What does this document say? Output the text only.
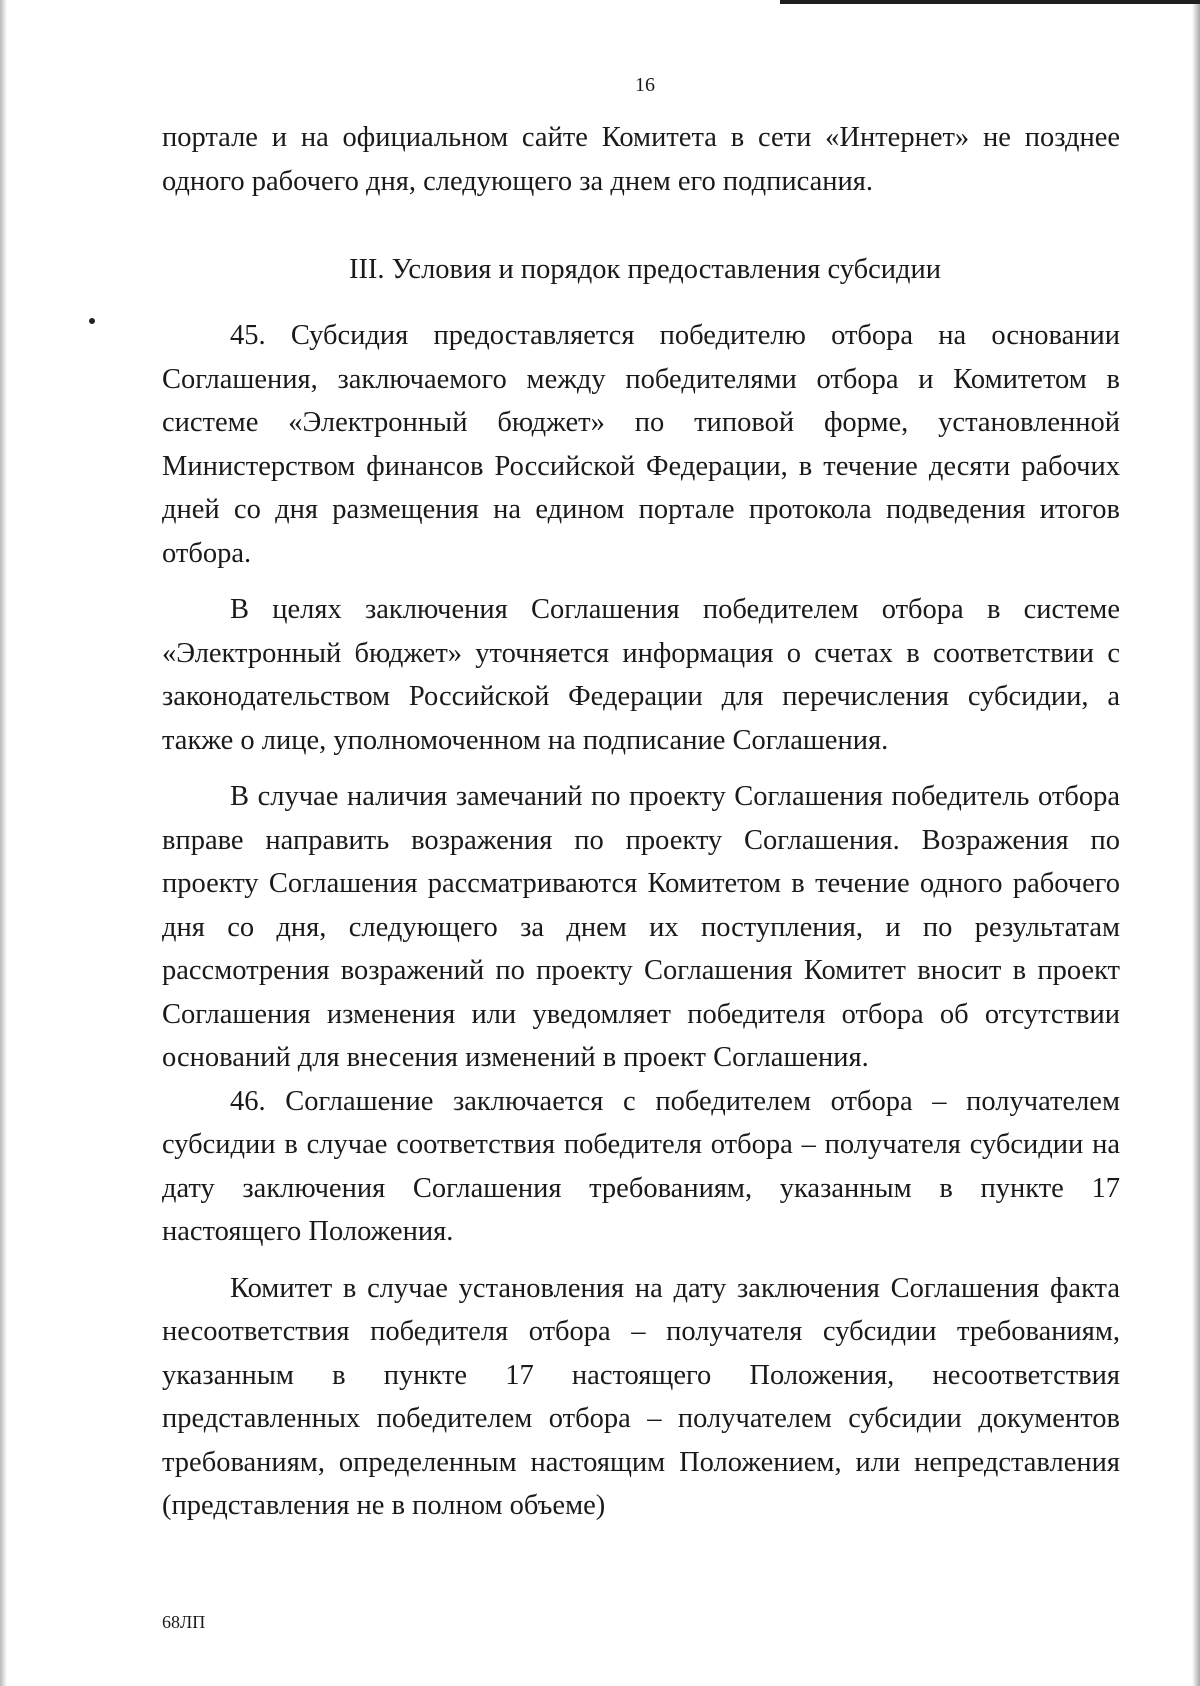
16

портале и на официальном сайте Комитета в сети «Интернет» не позднее одного рабочего дня, следующего за днем его подписания.

III. Условия и порядок предоставления субсидии

45. Субсидия предоставляется победителю отбора на основании Соглашения, заключаемого между победителями отбора и Комитетом в системе «Электронный бюджет» по типовой форме, установленной Министерством финансов Российской Федерации, в течение десяти рабочих дней со дня размещения на едином портале протокола подведения итогов отбора.

В целях заключения Соглашения победителем отбора в системе «Электронный бюджет» уточняется информация о счетах в соответствии с законодательством Российской Федерации для перечисления субсидии, а также о лице, уполномоченном на подписание Соглашения.

В случае наличия замечаний по проекту Соглашения победитель отбора вправе направить возражения по проекту Соглашения. Возражения по проекту Соглашения рассматриваются Комитетом в течение одного рабочего дня со дня, следующего за днем их поступления, и по результатам рассмотрения возражений по проекту Соглашения Комитет вносит в проект Соглашения изменения или уведомляет победителя отбора об отсутствии оснований для внесения изменений в проект Соглашения.

46. Соглашение заключается с победителем отбора – получателем субсидии в случае соответствия победителя отбора – получателя субсидии на дату заключения Соглашения требованиям, указанным в пункте 17 настоящего Положения.

Комитет в случае установления на дату заключения Соглашения факта несоответствия победителя отбора – получателя субсидии требованиям, указанным в пункте 17 настоящего Положения, несоответствия представленных победителем отбора – получателем субсидии документов требованиям, определенным настоящим Положением, или непредставления (представления не в полном объеме)

68ЛП
